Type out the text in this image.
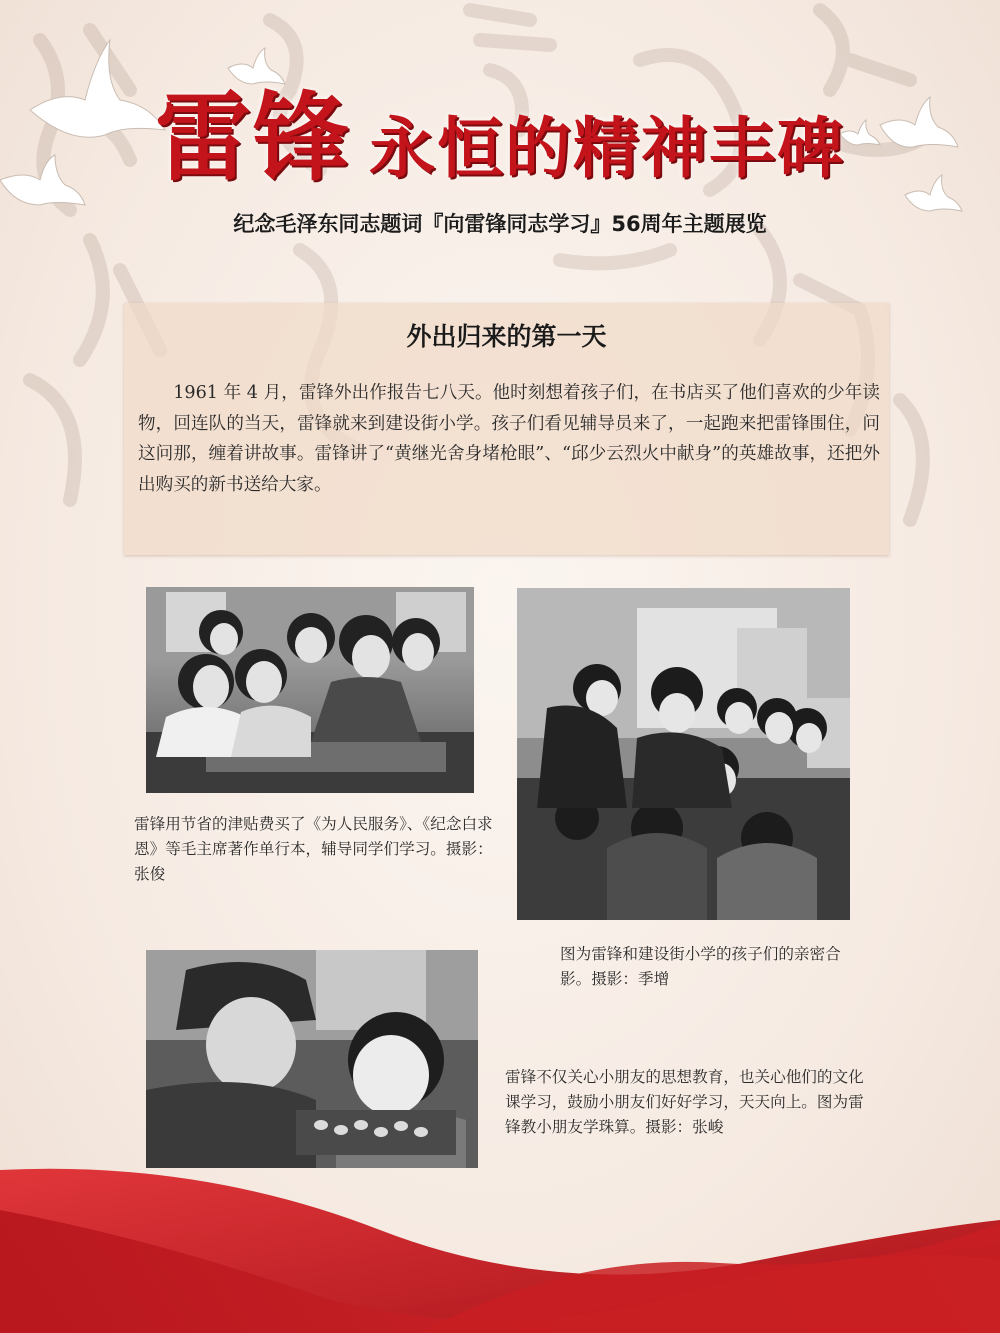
雷锋 永恒的精神丰碑
纪念毛泽东同志题词『向雷锋同志学习』56周年主题展览
外出归来的第一天

1961 年 4 月，雷锋外出作报告七八天。他时刻想着孩子们，在书店买了他们喜欢的少年读物，回连队的当天，雷锋就来到建设街小学。孩子们看见辅导员来了，一起跑来把雷锋围住，问这问那，缠着讲故事。雷锋讲了“黄继光舍身堵枪眼”、“邱少云烈火中献身”的英雄故事，还把外出购买的新书送给大家。

雷锋用节省的津贴费买了《为人民服务》、《纪念白求恩》等毛主席著作单行本，辅导同学们学习。摄影：张俊

图为雷锋和建设街小学的孩子们的亲密合影。摄影：季增

雷锋不仅关心小朋友的思想教育，也关心他们的文化课学习，鼓励小朋友们好好学习，天天向上。图为雷锋教小朋友学珠算。摄影：张峻
